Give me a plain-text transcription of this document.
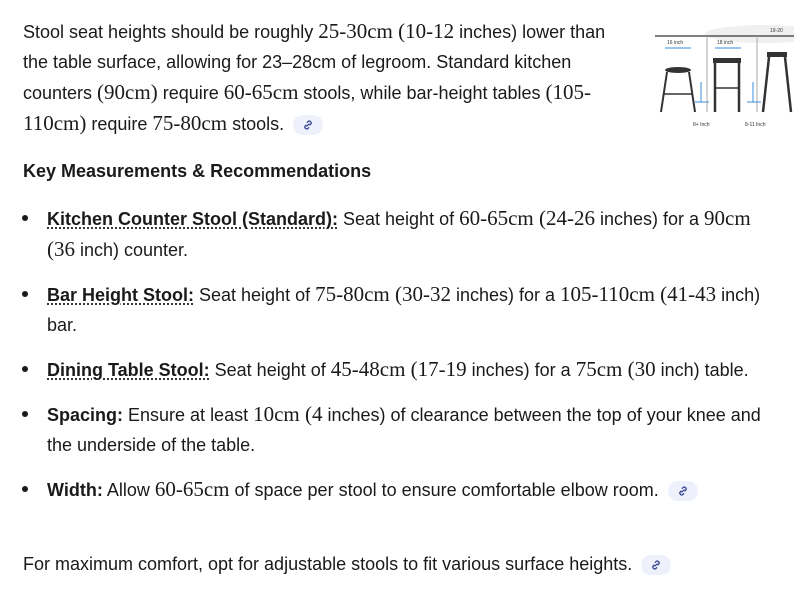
Stool seat heights should be roughly 25-30cm (10-12 inches) lower than the table surface, allowing for 23–28cm of legroom. Standard kitchen counters (90cm) require 60-65cm stools, while bar-height tables (105-110cm) require 75-80cm stools.

16 inch	18 inch
19-20
8+ Inch	8-11 Inch
Key Measurements & Recommendations
Kitchen Counter Stool (Standard): Seat height of 60-65cm (24-26 inches) for a 90cm (36 inch) counter.
Bar Height Stool: Seat height of 75-80cm (30-32 inches) for a 105-110cm (41-43 inch) bar.
Dining Table Stool: Seat height of 45-48cm (17-19 inches) for a 75cm (30 inch) table.
Spacing: Ensure at least 10cm (4 inches) of clearance between the top of your knee and the underside of the table.
Width: Allow 60-65cm of space per stool to ensure comfortable elbow room.

For maximum comfort, opt for adjustable stools to fit various surface heights.
